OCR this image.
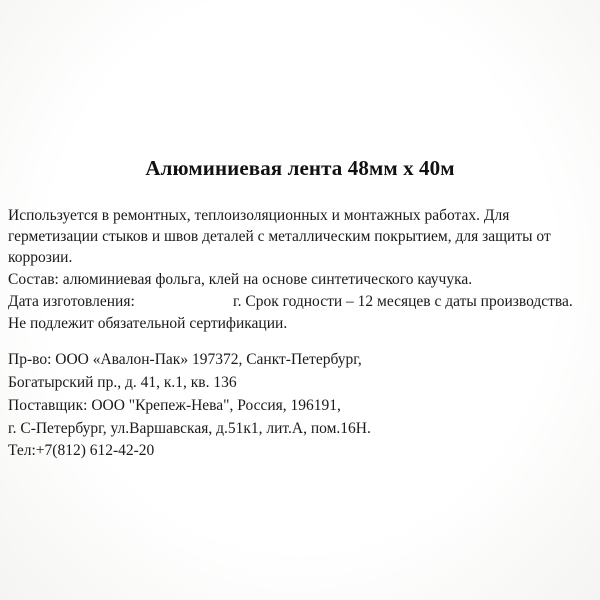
Алюминиевая лента 48мм х 40м
Используется в ремонтных, теплоизоляционных и монтажных работах. Для
герметизации стыков и швов деталей с металлическим покрытием, для защиты от
коррозии.
Состав: алюминиевая фольга, клей на основе синтетического каучука.
Дата изготовления:	г. Срок годности – 12 месяцев с даты производства.
Не подлежит обязательной сертификации.
Пр-во: ООО «Авалон-Пак» 197372, Санкт-Петербург,
Богатырский пр., д. 41, к.1, кв. 136
Поставщик: ООО "Крепеж-Нева", Россия, 196191,
г. С-Петербург, ул.Варшавская, д.51к1, лит.А, пом.16Н.
Тел:+7(812) 612-42-20
